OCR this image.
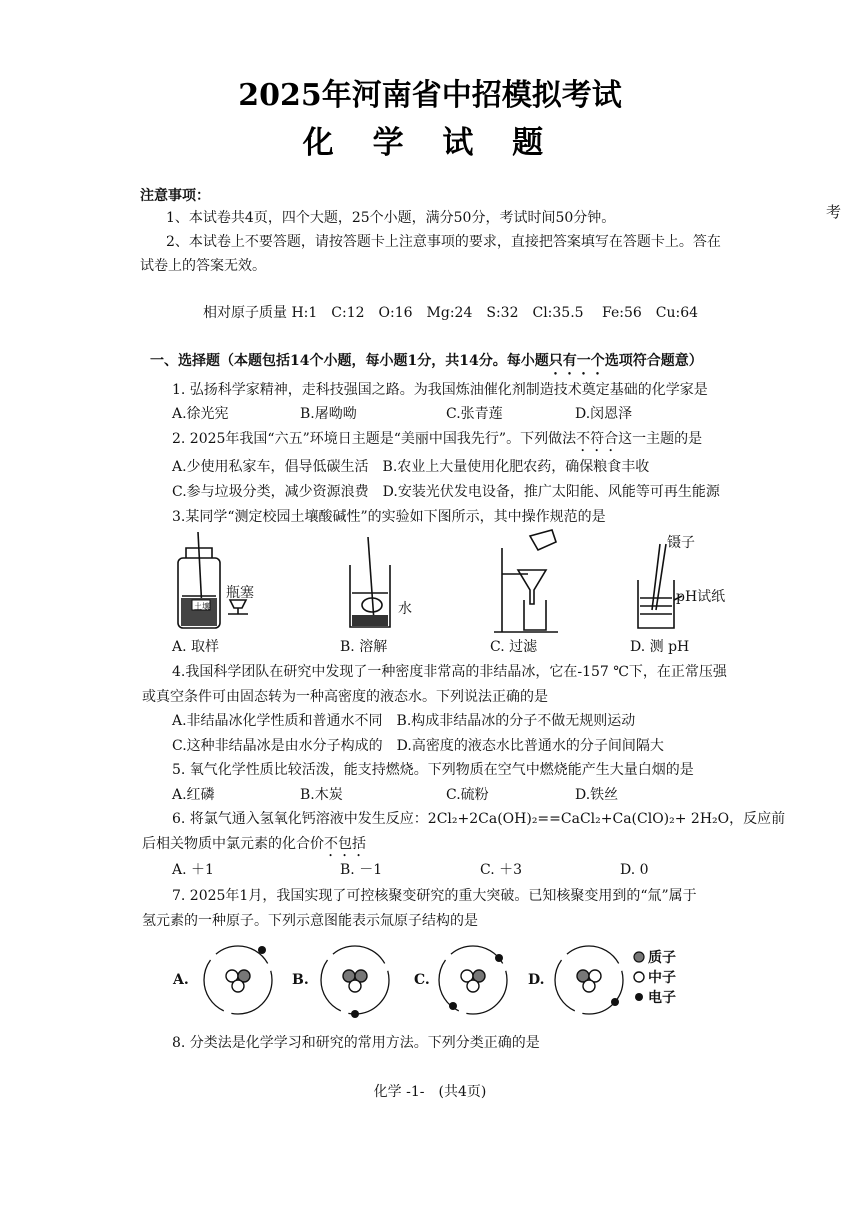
2025年河南省中招模拟考试
化 学 试 题
注意事项：
1、本试卷共4页，四个大题，25个小题，满分50分，考试时间50分钟。
2、本试卷上不要答题，请按答题卡上注意事项的要求，直接把答案填写在答题卡上。答在
试卷上的答案无效。
考
相对原子质量 H:1　C:12　O:16　Mg:24　S:32　Cl:35.5　 Fe:56　Cu:64
一、选择题（本题包括14个小题，每小题1分，共14分。每小题只有一个选项符合题意）
1. 弘扬科学家精神，走科技强国之路。为我国炼油催化剂制造技术奠定基础的化学家是
A.徐光宪	B.屠呦呦	C.张青莲	D.闵恩泽
2. 2025年我国“六五”环境日主题是“美丽中国我先行”。下列做法不符合这一主题的是
A.少使用私家车，倡导低碳生活　B.农业上大量使用化肥农药，确保粮食丰收
C.参与垃圾分类，减少资源浪费　D.安装光伏发电设备，推广太阳能、风能等可再生能源
3.某同学“测定校园土壤酸碱性”的实验如下图所示，其中操作规范的是
土壤
瓶塞
水
镊子
pH试纸
A. 取样	B. 溶解	C. 过滤	D. 测 pH
4.我国科学团队在研究中发现了一种密度非常高的非结晶冰，它在-157 ℃下，在正常压强
或真空条件可由固态转为一种高密度的液态水。下列说法正确的是
A.非结晶冰化学性质和普通水不同　B.构成非结晶冰的分子不做无规则运动
C.这种非结晶冰是由水分子构成的　D.高密度的液态水比普通水的分子间间隔大
5. 氧气化学性质比较活泼，能支持燃烧。下列物质在空气中燃烧能产生大量白烟的是
A.红磷	B.木炭	C.硫粉	D.铁丝
6. 将氯气通入氢氧化钙溶液中发生反应：2Cl₂+2Ca(OH)₂==CaCl₂+Ca(ClO)₂+ 2H₂O，反应前
后相关物质中氯元素的化合价不包括
A. ＋1	B. －1	C. ＋3	D. 0
7. 2025年1月，我国实现了可控核聚变研究的重大突破。已知核聚变用到的“氚”属于
氢元素的一种原子。下列示意图能表示氚原子结构的是
A.	B.	C.	D.
质子
中子
电子
8. 分类法是化学学习和研究的常用方法。下列分类正确的是
化学 -1-　(共4页)
